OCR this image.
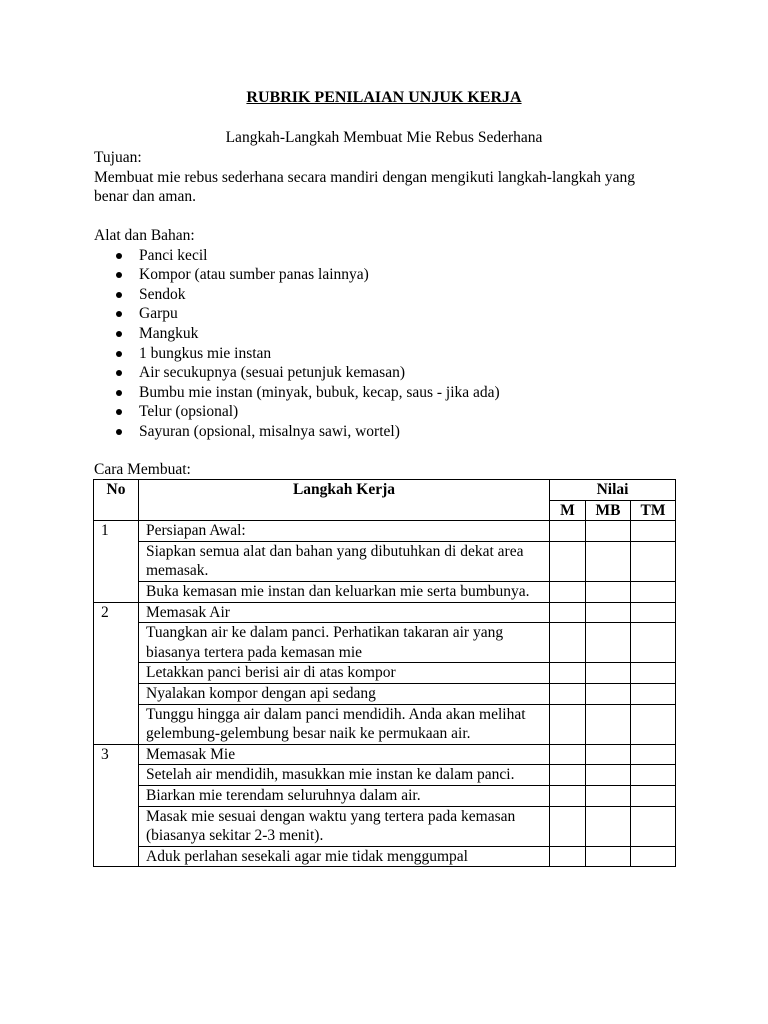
RUBRIK PENILAIAN UNJUK KERJA
Langkah-Langkah Membuat Mie Rebus Sederhana
Tujuan:
Membuat mie rebus sederhana secara mandiri dengan mengikuti langkah-langkah yang benar dan aman.
Alat dan Bahan:
Panci kecil
Kompor (atau sumber panas lainnya)
Sendok
Garpu
Mangkuk
1 bungkus mie instan
Air secukupnya (sesuai petunjuk kemasan)
Bumbu mie instan (minyak, bubuk, kecap, saus - jika ada)
Telur (opsional)
Sayuran (opsional, misalnya sawi, wortel)
Cara Membuat:
No	Langkah Kerja	Nilai		
		M	MB	TM
1	Persiapan Awal:			
	Siapkan semua alat dan bahan yang dibutuhkan di dekat area memasak.			
	Buka kemasan mie instan dan keluarkan mie serta bumbunya.			
2	Memasak Air			
	Tuangkan air ke dalam panci. Perhatikan takaran air yang biasanya tertera pada kemasan mie			
	Letakkan panci berisi air di atas kompor			
	Nyalakan kompor dengan api sedang			
	Tunggu hingga air dalam panci mendidih. Anda akan melihat gelembung-gelembung besar naik ke permukaan air.			
3	Memasak Mie			
	Setelah air mendidih, masukkan mie instan ke dalam panci.			
	Biarkan mie terendam seluruhnya dalam air.			
	Masak mie sesuai dengan waktu yang tertera pada kemasan (biasanya sekitar 2-3 menit).			
	Aduk perlahan sesekali agar mie tidak menggumpal			
